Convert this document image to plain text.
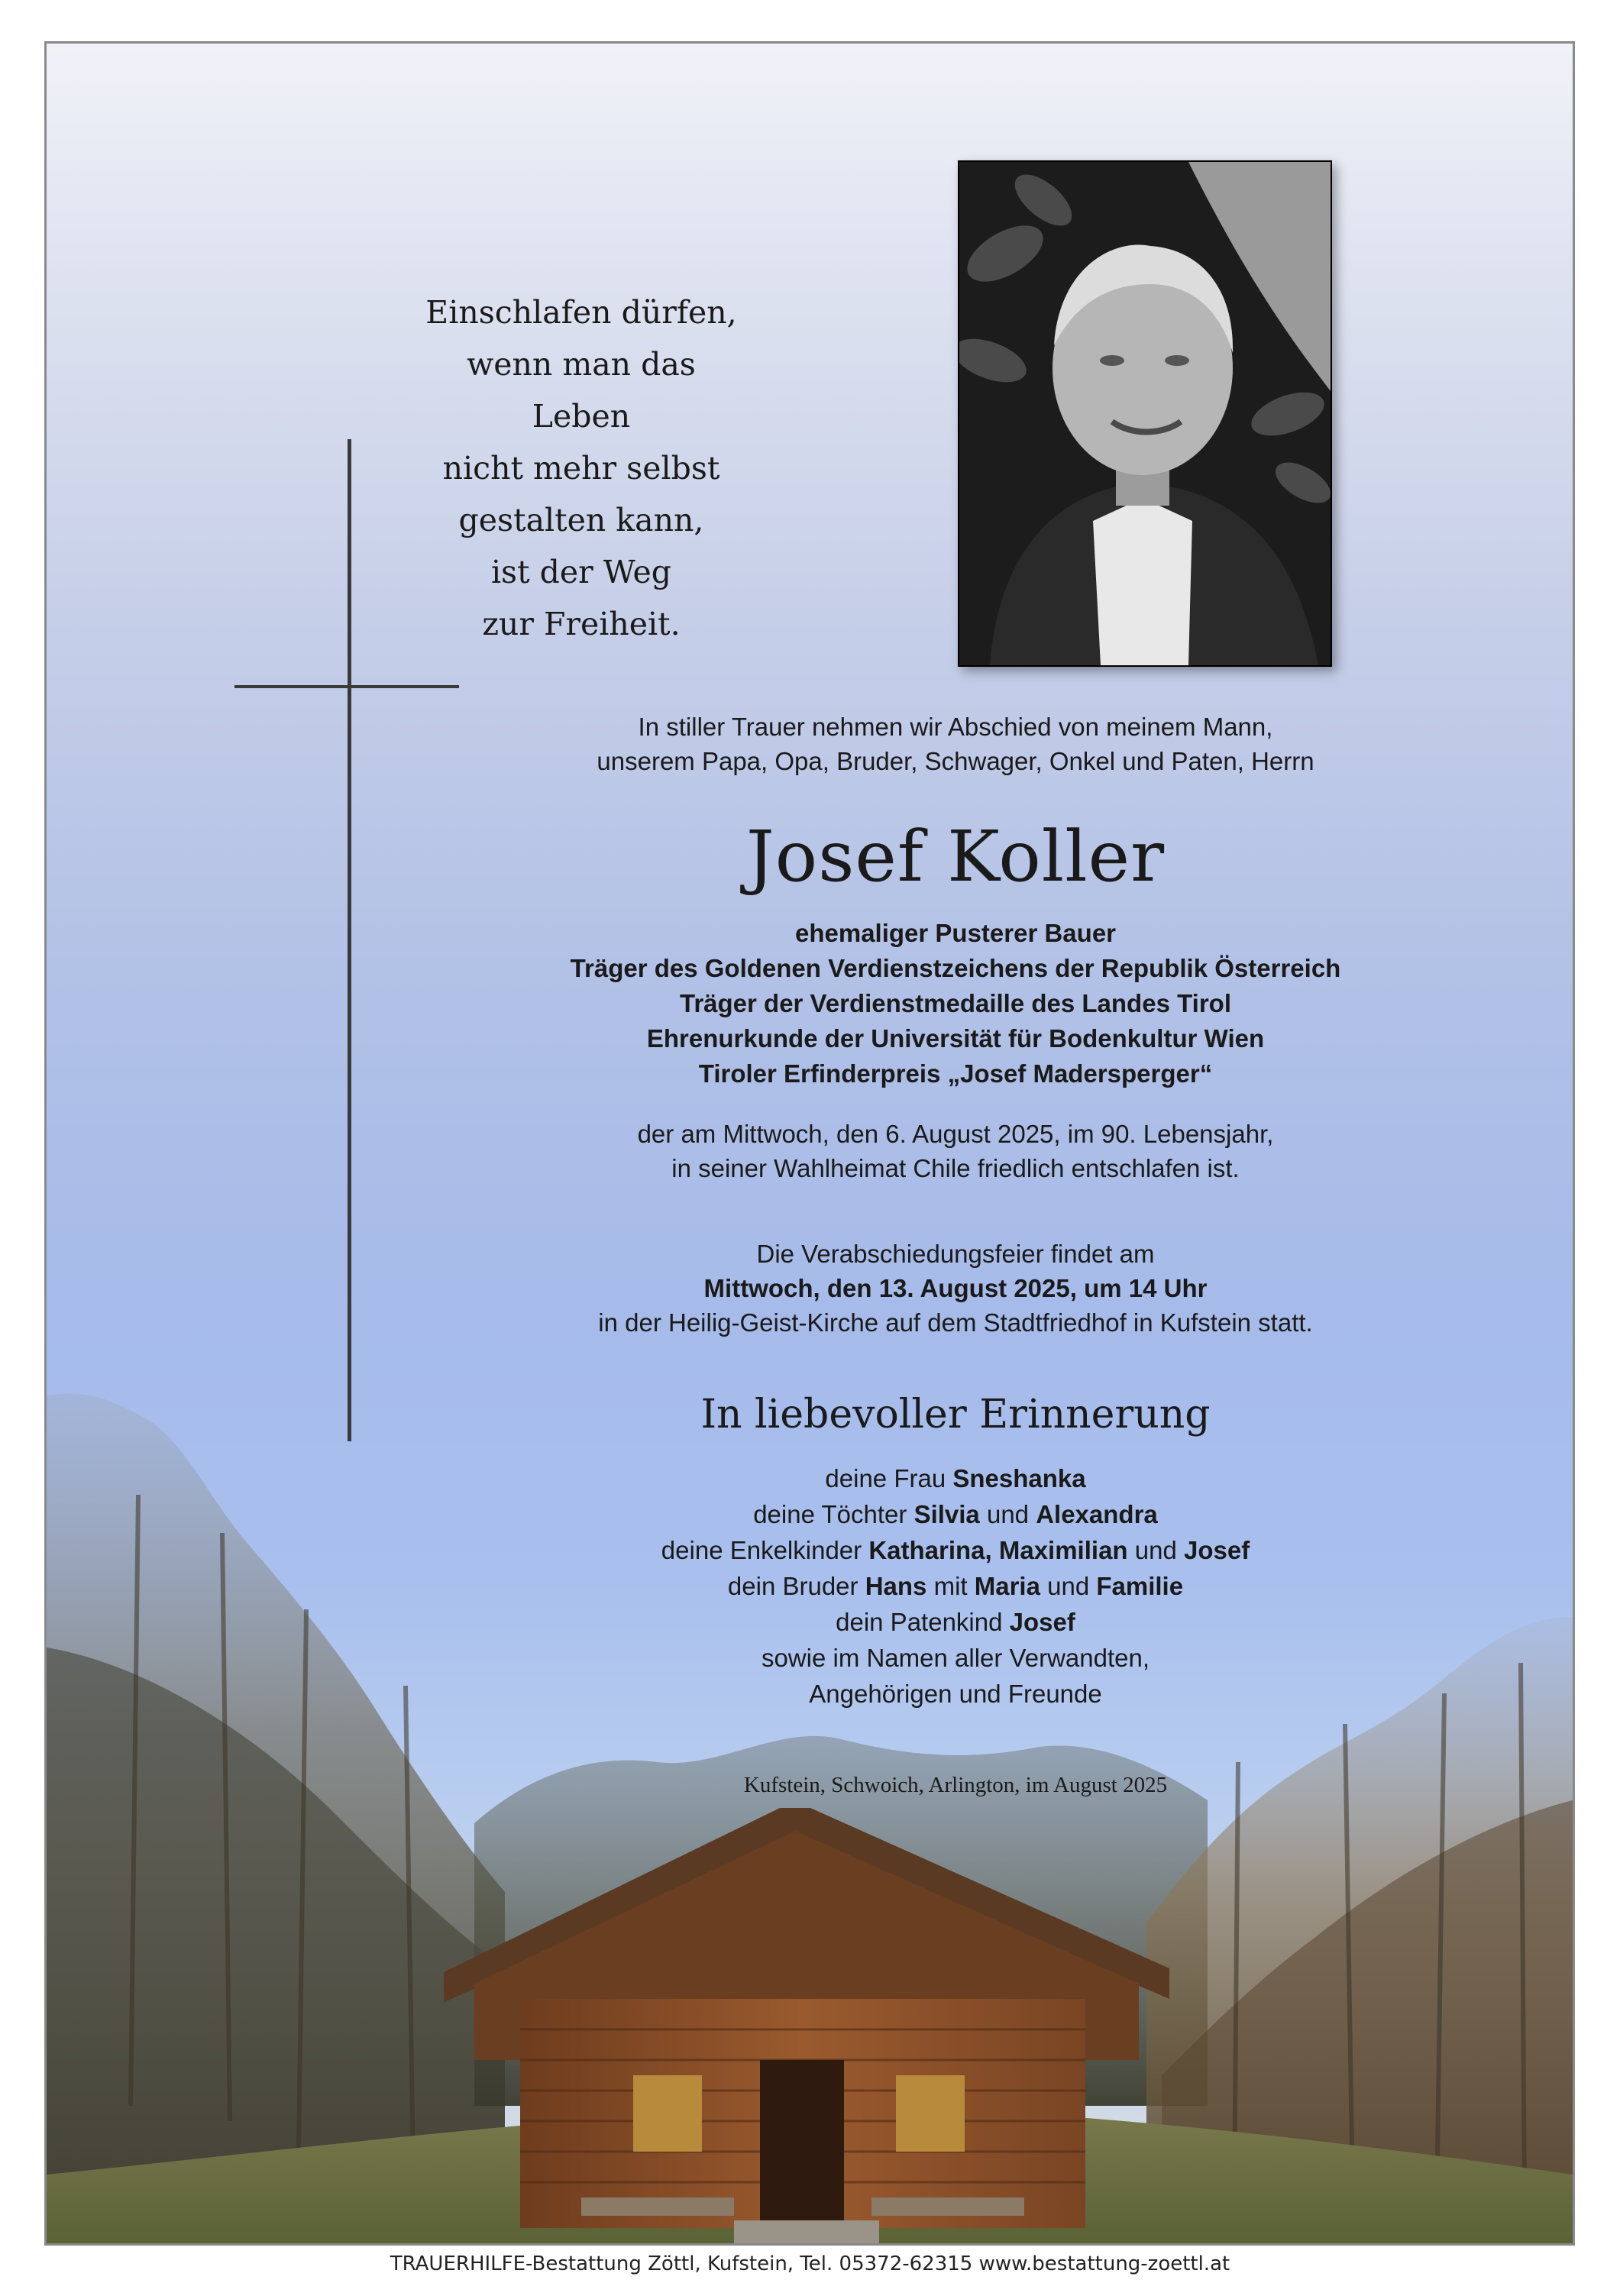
Einschlafen dürfen,
wenn man das Leben
nicht mehr selbst
gestalten kann,
ist der Weg
zur Freiheit.
In stiller Trauer nehmen wir Abschied von meinem Mann,
unserem Papa, Opa, Bruder, Schwager, Onkel und Paten, Herrn
Josef Koller
ehemaliger Pusterer Bauer
Träger des Goldenen Verdienstzeichens der Republik Österreich
Träger der Verdienstmedaille des Landes Tirol
Ehrenurkunde der Universität für Bodenkultur Wien
Tiroler Erfinderpreis „Josef Madersperger“
der am Mittwoch, den 6. August 2025, im 90. Lebensjahr,
in seiner Wahlheimat Chile friedlich entschlafen ist.
Die Verabschiedungsfeier findet am
Mittwoch, den 13. August 2025, um 14 Uhr
in der Heilig-Geist-Kirche auf dem Stadtfriedhof in Kufstein statt.
In liebevoller Erinnerung
deine Frau Sneshanka
deine Töchter Silvia und Alexandra
deine Enkelkinder Katharina, Maximilian und Josef
dein Bruder Hans mit Maria und Familie
dein Patenkind Josef
sowie im Namen aller Verwandten,
Angehörigen und Freunde
Kufstein, Schwoich, Arlington, im August 2025
TRAUERHILFE-Bestattung Zöttl, Kufstein, Tel. 05372-62315 www.bestattung-zoettl.at
